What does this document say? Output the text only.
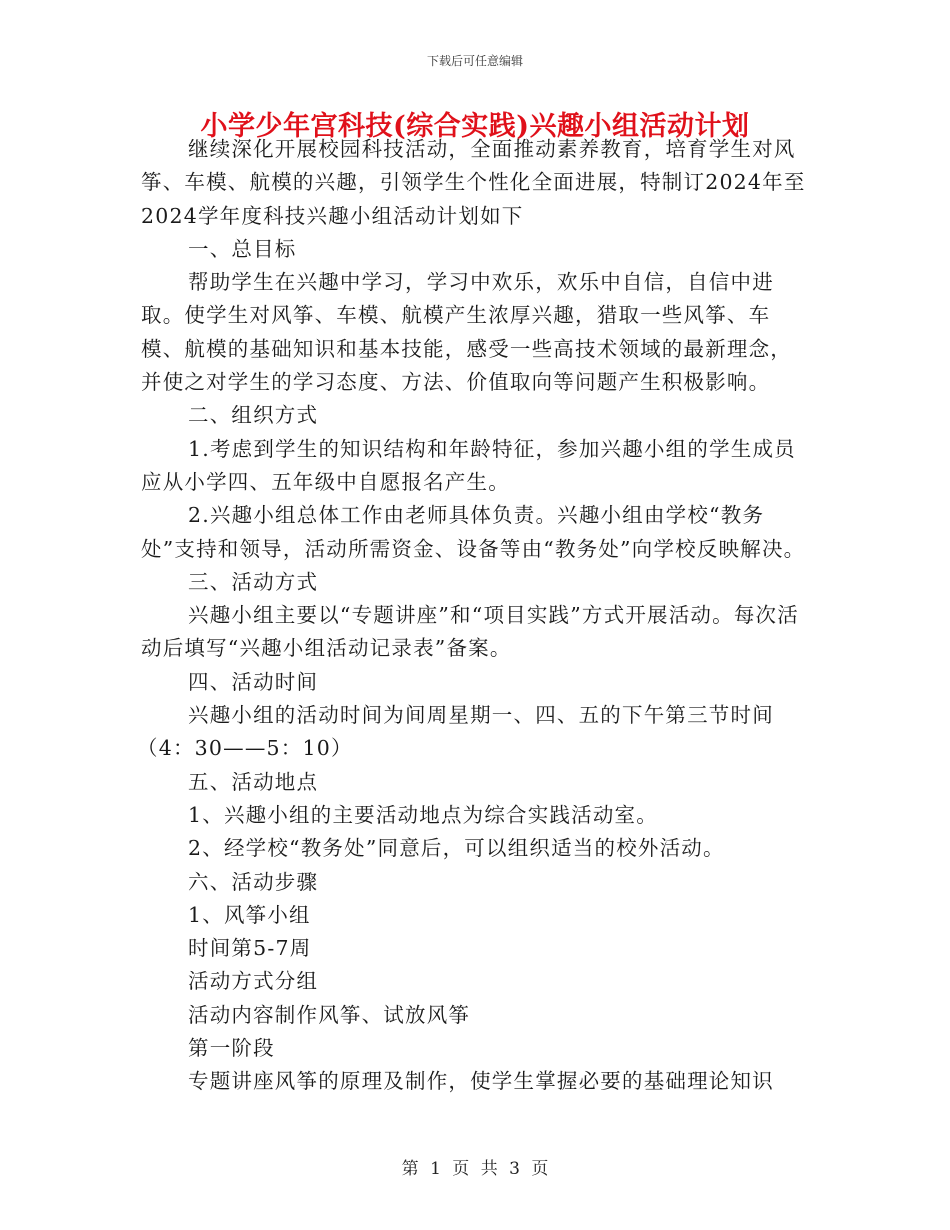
下载后可任意编辑
小学少年宫科技(综合实践)兴趣小组活动计划

继续深化开展校园科技活动，全面推动素养教育，培育学生对风筝、车模、航模的兴趣，引领学生个性化全面进展，特制订2024年至2024学年度科技兴趣小组活动计划如下

一、总目标

帮助学生在兴趣中学习，学习中欢乐，欢乐中自信，自信中进取。使学生对风筝、车模、航模产生浓厚兴趣，猎取一些风筝、车模、航模的基础知识和基本技能，感受一些高技术领域的最新理念，并使之对学生的学习态度、方法、价值取向等问题产生积极影响。

二、组织方式

1.考虑到学生的知识结构和年龄特征，参加兴趣小组的学生成员应从小学四、五年级中自愿报名产生。

2.兴趣小组总体工作由老师具体负责。兴趣小组由学校“教务处”支持和领导，活动所需资金、设备等由“教务处”向学校反映解决。

三、活动方式

兴趣小组主要以“专题讲座”和“项目实践”方式开展活动。每次活动后填写“兴趣小组活动记录表”备案。

四、活动时间

兴趣小组的活动时间为间周星期一、四、五的下午第三节时间

（4：30——5：10）

五、活动地点

1、兴趣小组的主要活动地点为综合实践活动室。

2、经学校“教务处”同意后，可以组织适当的校外活动。

六、活动步骤

1、风筝小组

时间第5-7周

活动方式分组

活动内容制作风筝、试放风筝

第一阶段

专题讲座风筝的原理及制作，使学生掌握必要的基础理论知识

第 1 页 共 3 页
